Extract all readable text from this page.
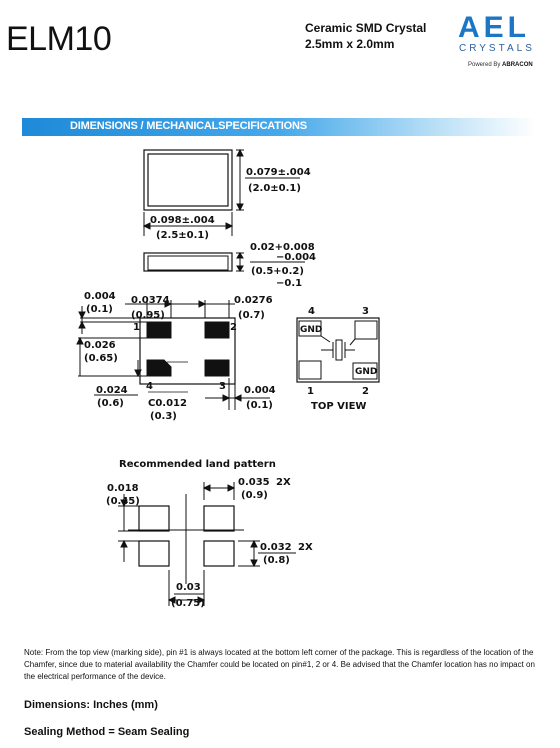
ELM10	Ceramic SMD Crystal
2.5mm x 2.0mm	AEL
CRYSTALS
Powered By ABRACON
DIMENSIONS / MECHANICALSPECIFICATIONS
0.079±.004
(2.0±0.1)
0.098±.004
(2.5±0.1)
0.02+0.008
−0.004
(0.5+0.2)
−0.1
0.004
(0.1)
0.0374
(0.95)
0.0276
(0.7)
0.026
(0.65)
0.024
(0.6) C0.012
(0.3)
0.004
(0.1)
1	2
3
4
4	3
1	2
GND
GND
TOP VIEW
Recommended land pattern
0.035 2X
(0.9)
0.018
(0.45)
0.032 2X
(0.8)
0.03
(0.75)
Note: From the top view (marking side), pin #1 is always located at the bottom left corner of the package. This is regardless of the location of the Chamfer, since due to material availability the Chamfer could be located on pin#1, 2 or 4. Be advised that the Chamfer location has no impact on the electrical performance of the device.
Dimensions: Inches (mm)
Sealing Method = Seam Sealing
